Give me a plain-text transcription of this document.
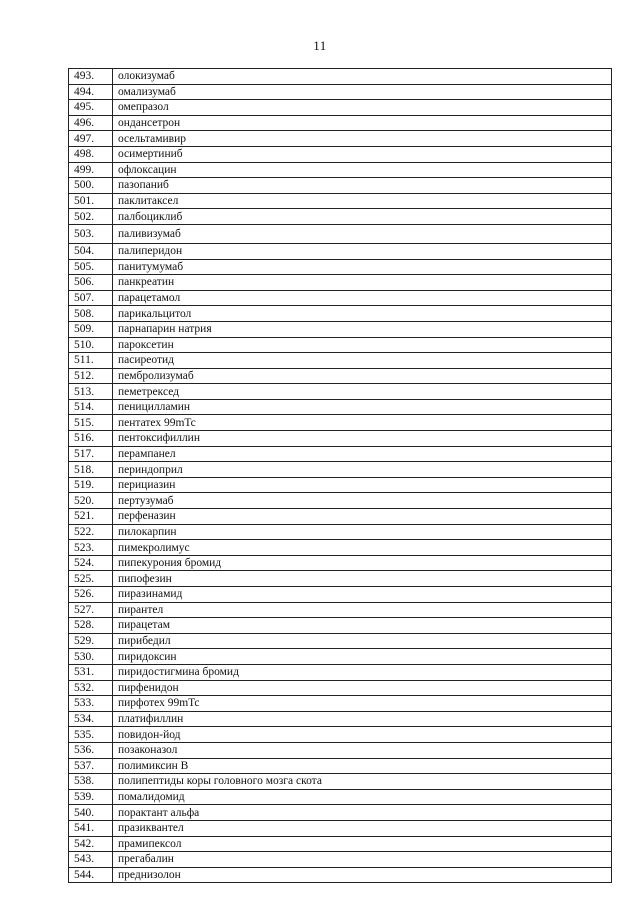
11
493.	олокизумаб
494.	омализумаб
495.	омепразол
496.	ондансетрон
497.	осельтамивир
498.	осимертиниб
499.	офлоксацин
500.	пазопаниб
501.	паклитаксел
502.	палбоциклиб
503.	паливизумаб
504.	палиперидон
505.	панитумумаб
506.	панкреатин
507.	парацетамол
508.	парикальцитол
509.	парнапарин натрия
510.	пароксетин
511.	пасиреотид
512.	пембролизумаб
513.	пеметрексед
514.	пеницилламин
515.	пентатех 99mTc
516.	пентоксифиллин
517.	перампанел
518.	периндоприл
519.	перициазин
520.	пертузумаб
521.	перфеназин
522.	пилокарпин
523.	пимекролимус
524.	пипекурония бромид
525.	пипофезин
526.	пиразинамид
527.	пирантел
528.	пирацетам
529.	пирибедил
530.	пиридоксин
531.	пиридостигмина бромид
532.	пирфенидон
533.	пирфотех 99mTc
534.	платифиллин
535.	повидон-йод
536.	позаконазол
537.	полимиксин В
538.	полипептиды коры головного мозга скота
539.	помалидомид
540.	порактант альфа
541.	празиквантел
542.	прамипексол
543.	прегабалин
544.	преднизолон
